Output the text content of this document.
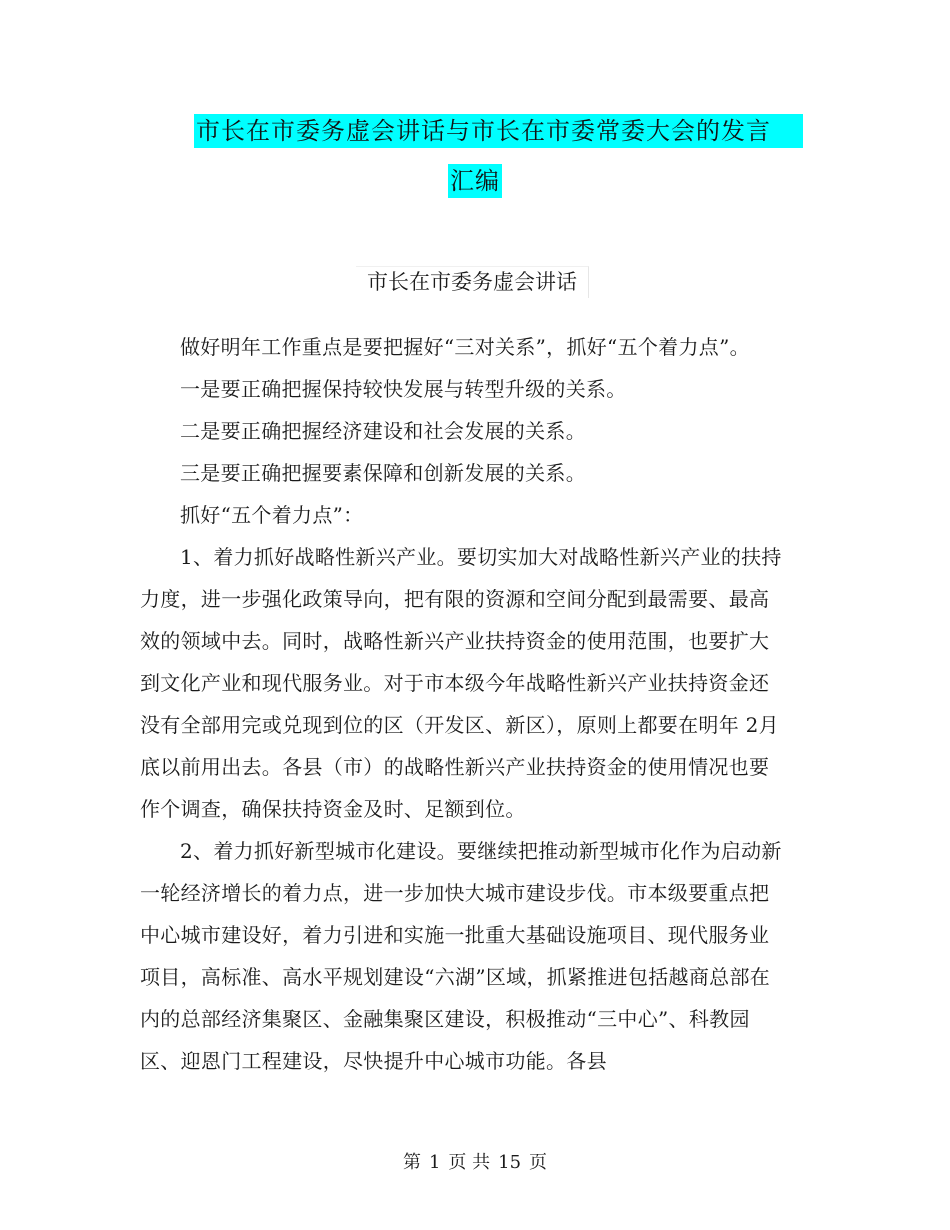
市长在市委务虚会讲话与市长在市委常委大会的发言
汇编
市长在市委务虚会讲话

做好明年工作重点是要把握好“三对关系”，抓好“五个着力点”。

一是要正确把握保持较快发展与转型升级的关系。

二是要正确把握经济建设和社会发展的关系。

三是要正确把握要素保障和创新发展的关系。

抓好“五个着力点”：

1、着力抓好战略性新兴产业。要切实加大对战略性新兴产业的扶持力度，进一步强化政策导向，把有限的资源和空间分配到最需要、最高效的领域中去。同时，战略性新兴产业扶持资金的使用范围，也要扩大到文化产业和现代服务业。对于市本级今年战略性新兴产业扶持资金还没有全部用完或兑现到位的区（开发区、新区），原则上都要在明年 2月底以前用出去。各县（市）的战略性新兴产业扶持资金的使用情况也要作个调查，确保扶持资金及时、足额到位。

2、着力抓好新型城市化建设。要继续把推动新型城市化作为启动新一轮经济增长的着力点，进一步加快大城市建设步伐。市本级要重点把中心城市建设好，着力引进和实施一批重大基础设施项目、现代服务业项目，高标准、高水平规划建设“六湖”区域，抓紧推进包括越商总部在内的总部经济集聚区、金融集聚区建设，积极推动“三中心”、科教园区、迎恩门工程建设，尽快提升中心城市功能。各县

第 1 页 共 15 页
